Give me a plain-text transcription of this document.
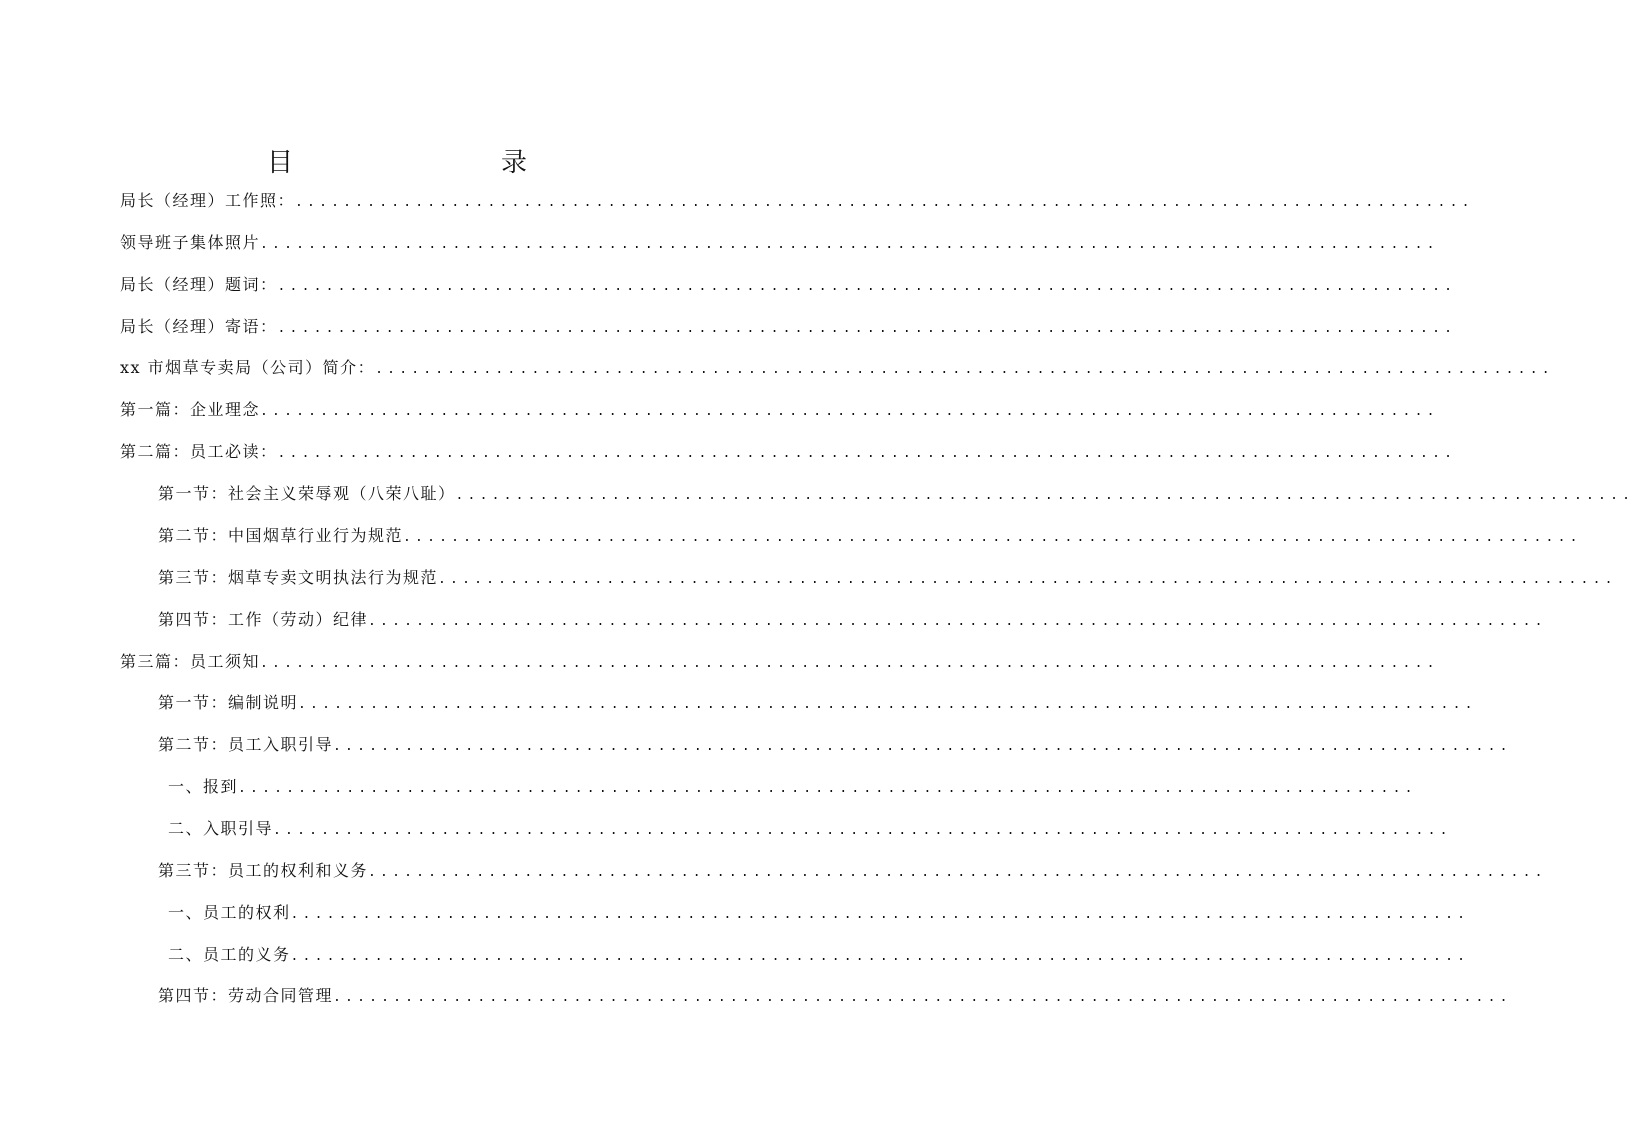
目　　录
局长（经理）工作照： ..................................................................................................
领导班子集体照片 ..................................................................................................
局长（经理）题词： ..................................................................................................
局长（经理）寄语： ..................................................................................................
xx 市烟草专卖局（公司）简介： ..................................................................................................
第一篇：企业理念 ..................................................................................................
第二篇：员工必读： ..................................................................................................
第一节：社会主义荣辱观（八荣八耻） ..................................................................................................
第二节：中国烟草行业行为规范 ..................................................................................................
第三节：烟草专卖文明执法行为规范 ..................................................................................................
第四节：工作（劳动）纪律 ..................................................................................................
第三篇：员工须知 ..................................................................................................
第一节：编制说明 ..................................................................................................
第二节：员工入职引导 ..................................................................................................
一、报到 ..................................................................................................
二、入职引导 ..................................................................................................
第三节：员工的权利和义务 ..................................................................................................
一、员工的权利 ..................................................................................................
二、员工的义务 ..................................................................................................
第四节：劳动合同管理 ..................................................................................................
